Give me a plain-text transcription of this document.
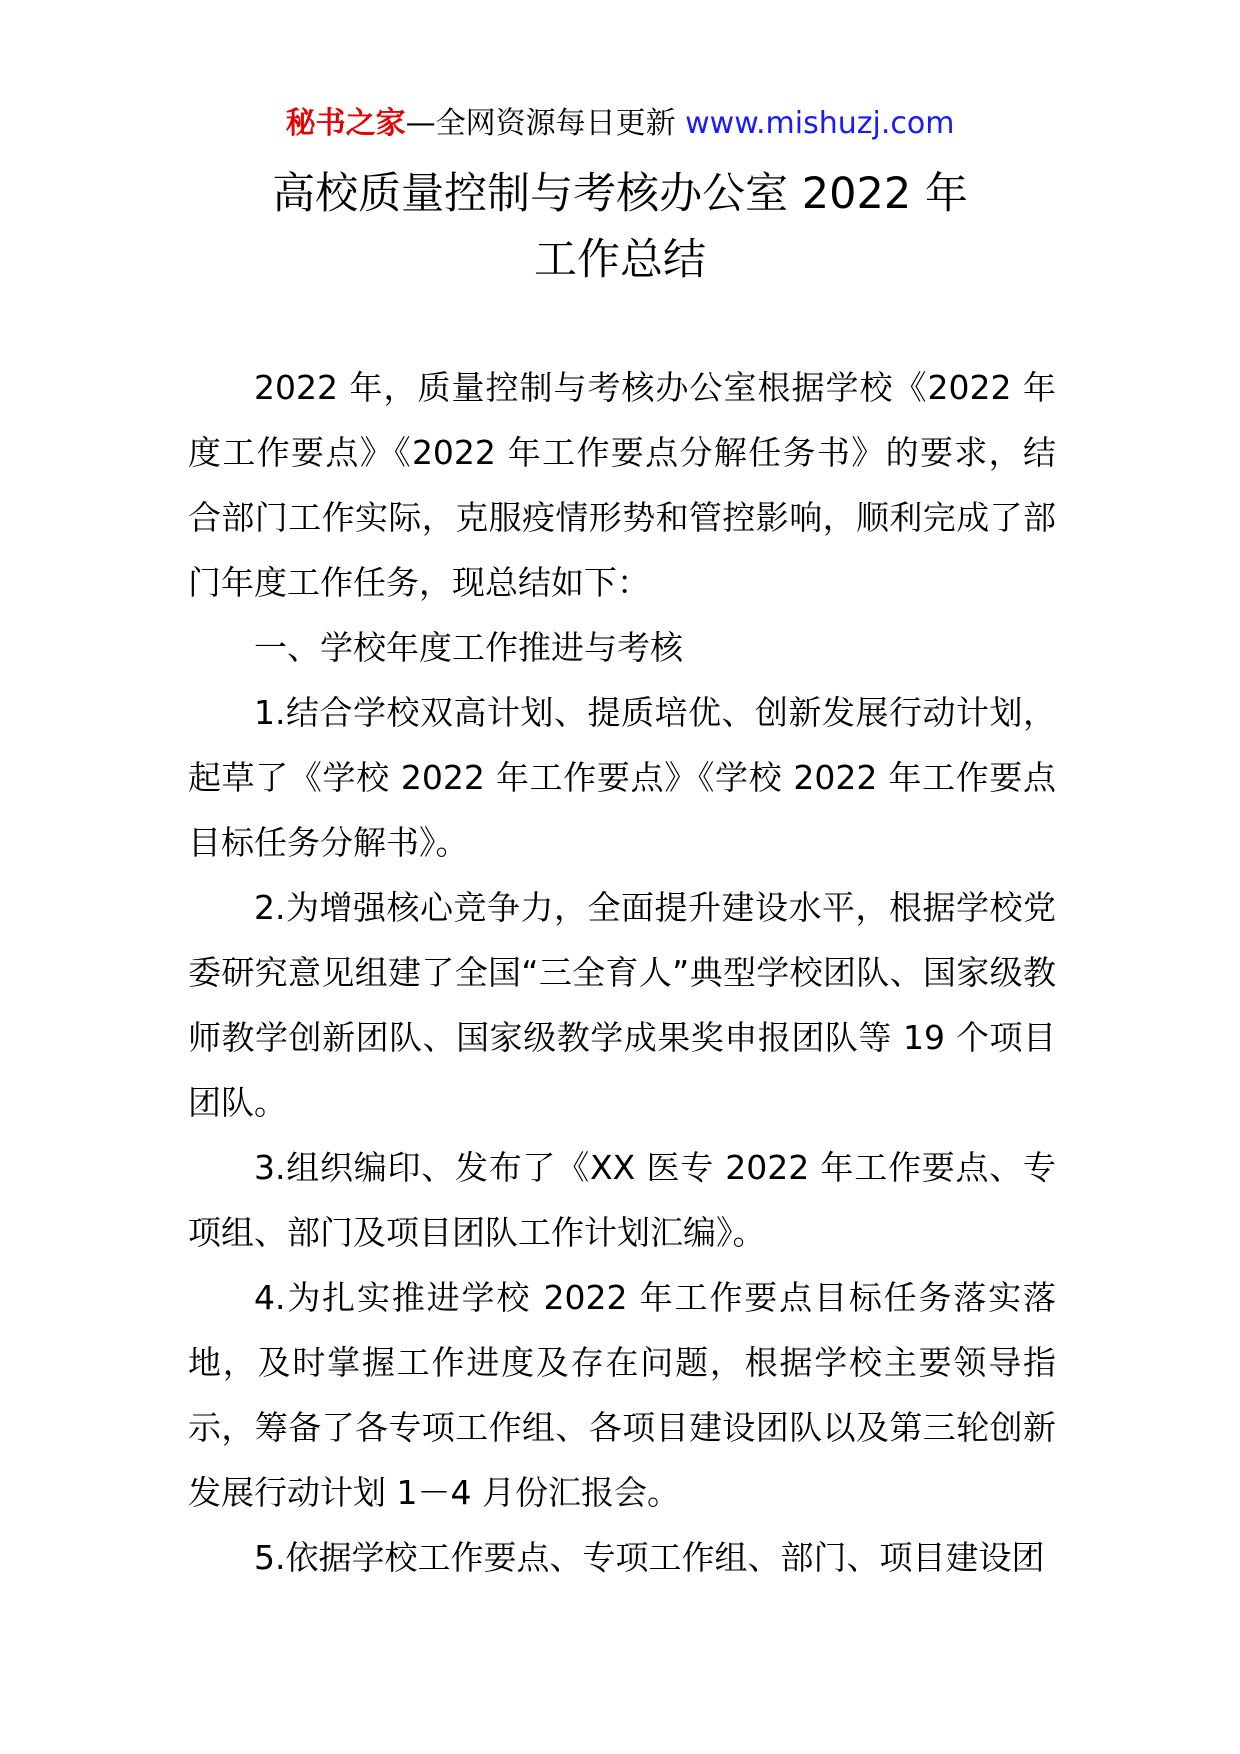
秘书之家—全网资源每日更新 www.mishuzj.com
高校质量控制与考核办公室 2022 年
工作总结

2022 年，质量控制与考核办公室根据学校《2022 年度工作要点》《2022 年工作要点分解任务书》的要求，结合部门工作实际，克服疫情形势和管控影响，顺利完成了部门年度工作任务，现总结如下：

一、学校年度工作推进与考核

1.结合学校双高计划、提质培优、创新发展行动计划，起草了《学校 2022 年工作要点》《学校 2022 年工作要点目标任务分解书》。

2.为增强核心竞争力，全面提升建设水平，根据学校党委研究意见组建了全国“三全育人”典型学校团队、国家级教师教学创新团队、国家级教学成果奖申报团队等 19 个项目团队。

3.组织编印、发布了《XX 医专 2022 年工作要点、专项组、部门及项目团队工作计划汇编》。

4.为扎实推进学校 2022 年工作要点目标任务落实落地，及时掌握工作进度及存在问题，根据学校主要领导指示，筹备了各专项工作组、各项目建设团队以及第三轮创新发展行动计划 1－4 月份汇报会。

5.依据学校工作要点、专项工作组、部门、项目建设团
